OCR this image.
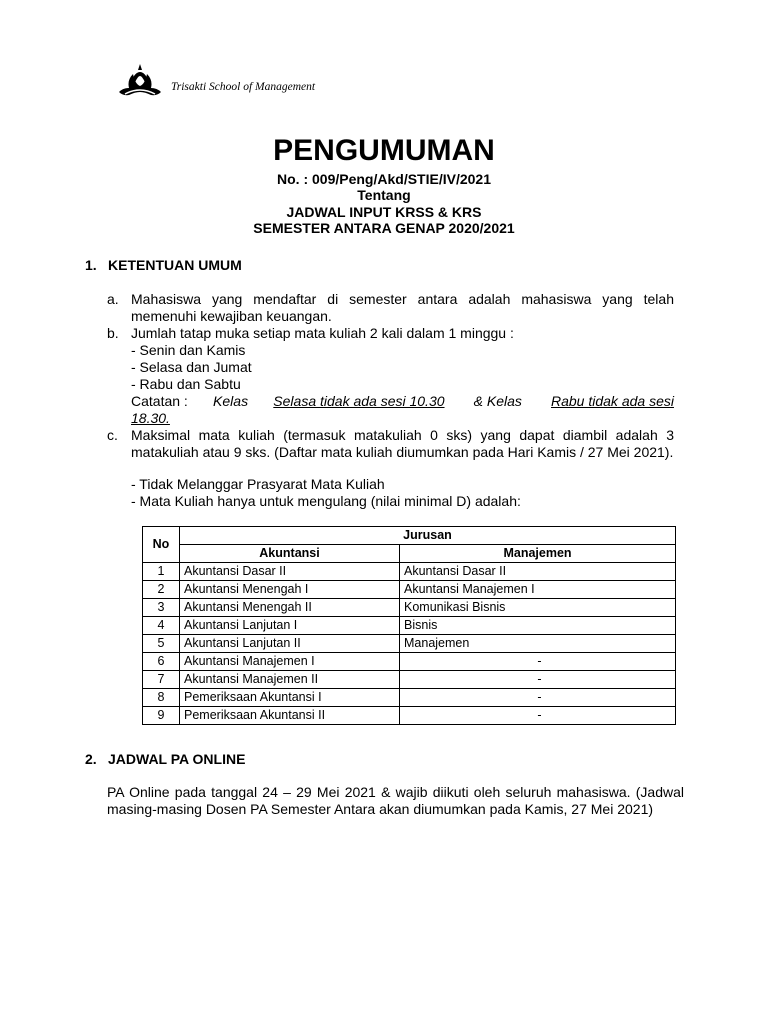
Trisakti School of Management
PENGUMUMAN
No. : 009/Peng/Akd/STIE/IV/2021
Tentang
JADWAL INPUT KRSS & KRS
SEMESTER ANTARA GENAP 2020/2021
1. KETENTUAN UMUM
a. Mahasiswa yang mendaftar di semester antara adalah mahasiswa yang telah memenuhi kewajiban keuangan.
b. Jumlah tatap muka setiap mata kuliah 2 kali dalam 1 minggu :
- Senin dan Kamis
- Selasa dan Jumat
- Rabu dan Sabtu
Catatan : Kelas Selasa tidak ada sesi 10.30 & Kelas Rabu tidak ada sesi
18.30.
c. Maksimal mata kuliah (termasuk matakuliah 0 sks) yang dapat diambil adalah 3 matakuliah atau 9 sks. (Daftar mata kuliah diumumkan pada Hari Kamis / 27 Mei 2021).
- Tidak Melanggar Prasyarat Mata Kuliah
- Mata Kuliah hanya untuk mengulang (nilai minimal D) adalah:
No	Jurusan	
	Akuntansi	Manajemen
1	Akuntansi Dasar II	Akuntansi Dasar II
2	Akuntansi Menengah I	Akuntansi Manajemen I
3	Akuntansi Menengah II	Komunikasi Bisnis
4	Akuntansi Lanjutan I	Bisnis
5	Akuntansi Lanjutan II	Manajemen
6	Akuntansi Manajemen I	-
7	Akuntansi Manajemen II	-
8	Pemeriksaan Akuntansi I	-
9	Pemeriksaan Akuntansi II	-
2. JADWAL PA ONLINE
PA Online pada tanggal 24 – 29 Mei 2021 & wajib diikuti oleh seluruh mahasiswa. (Jadwal masing-masing Dosen PA Semester Antara akan diumumkan pada Kamis, 27 Mei 2021)
